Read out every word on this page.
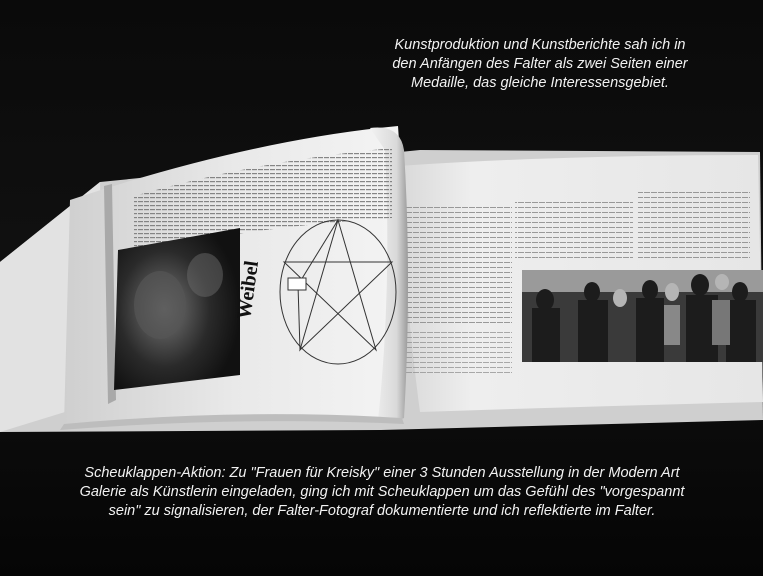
Weibel
Kunstproduktion und Kunstberichte sah ich in
den Anfängen des Falter als zwei Seiten einer
Medaille, das gleiche Interessensgebiet.
Scheuklappen-Aktion: Zu "Frauen für Kreisky" einer 3 Stunden Ausstellung in der Modern Art
Galerie als Künstlerin eingeladen, ging ich mit Scheuklappen um das Gefühl des "vorgespannt
sein" zu signalisieren, der Falter-Fotograf dokumentierte und ich reflektierte im Falter.
